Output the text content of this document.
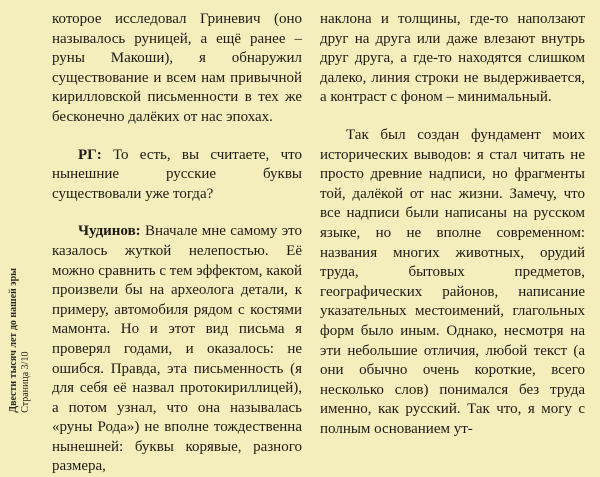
Двести тысяч лет до нашей эры Страница 3/10

которое исследовал Гриневич (оно называлось руницей, а ещё ранее – руны Макоши), я обнаружил существование и всем нам привычной кирилловской письменности в тех же бесконечно далёких от нас эпохах.

РГ: То есть, вы считаете, что нынешние русские буквы существовали уже тогда?

Чудинов: Вначале мне самому это казалось жуткой нелепостью. Её можно сравнить с тем эффектом, какой произвели бы на археолога детали, к примеру, автомобиля рядом с костями мамонта. Но и этот вид письма я проверял годами, и оказалось: не ошибся. Правда, эта письменность (я для себя её назвал протокириллицей), а потом узнал, что она называлась «руны Рода») не вполне тождественна нынешней: буквы корявые, разного размера,

наклона и толщины, где-то наползают друг на друга или даже влезают внутрь друг друга, а где-то находятся слишком далеко, линия строки не выдерживается, а контраст с фоном – минимальный.

Так был создан фундамент моих исторических выводов: я стал читать не просто древние надписи, но фрагменты той, далёкой от нас жизни. Замечу, что все надписи были написаны на русском языке, но не вполне современном: названия многих животных, орудий труда, бытовых предметов, географических районов, написание указательных местоимений, глагольных форм было иным. Однако, несмотря на эти небольшие отличия, любой текст (а они обычно очень короткие, всего несколько слов) понимался без труда именно, как русский. Так что, я могу с полным основанием ут-
